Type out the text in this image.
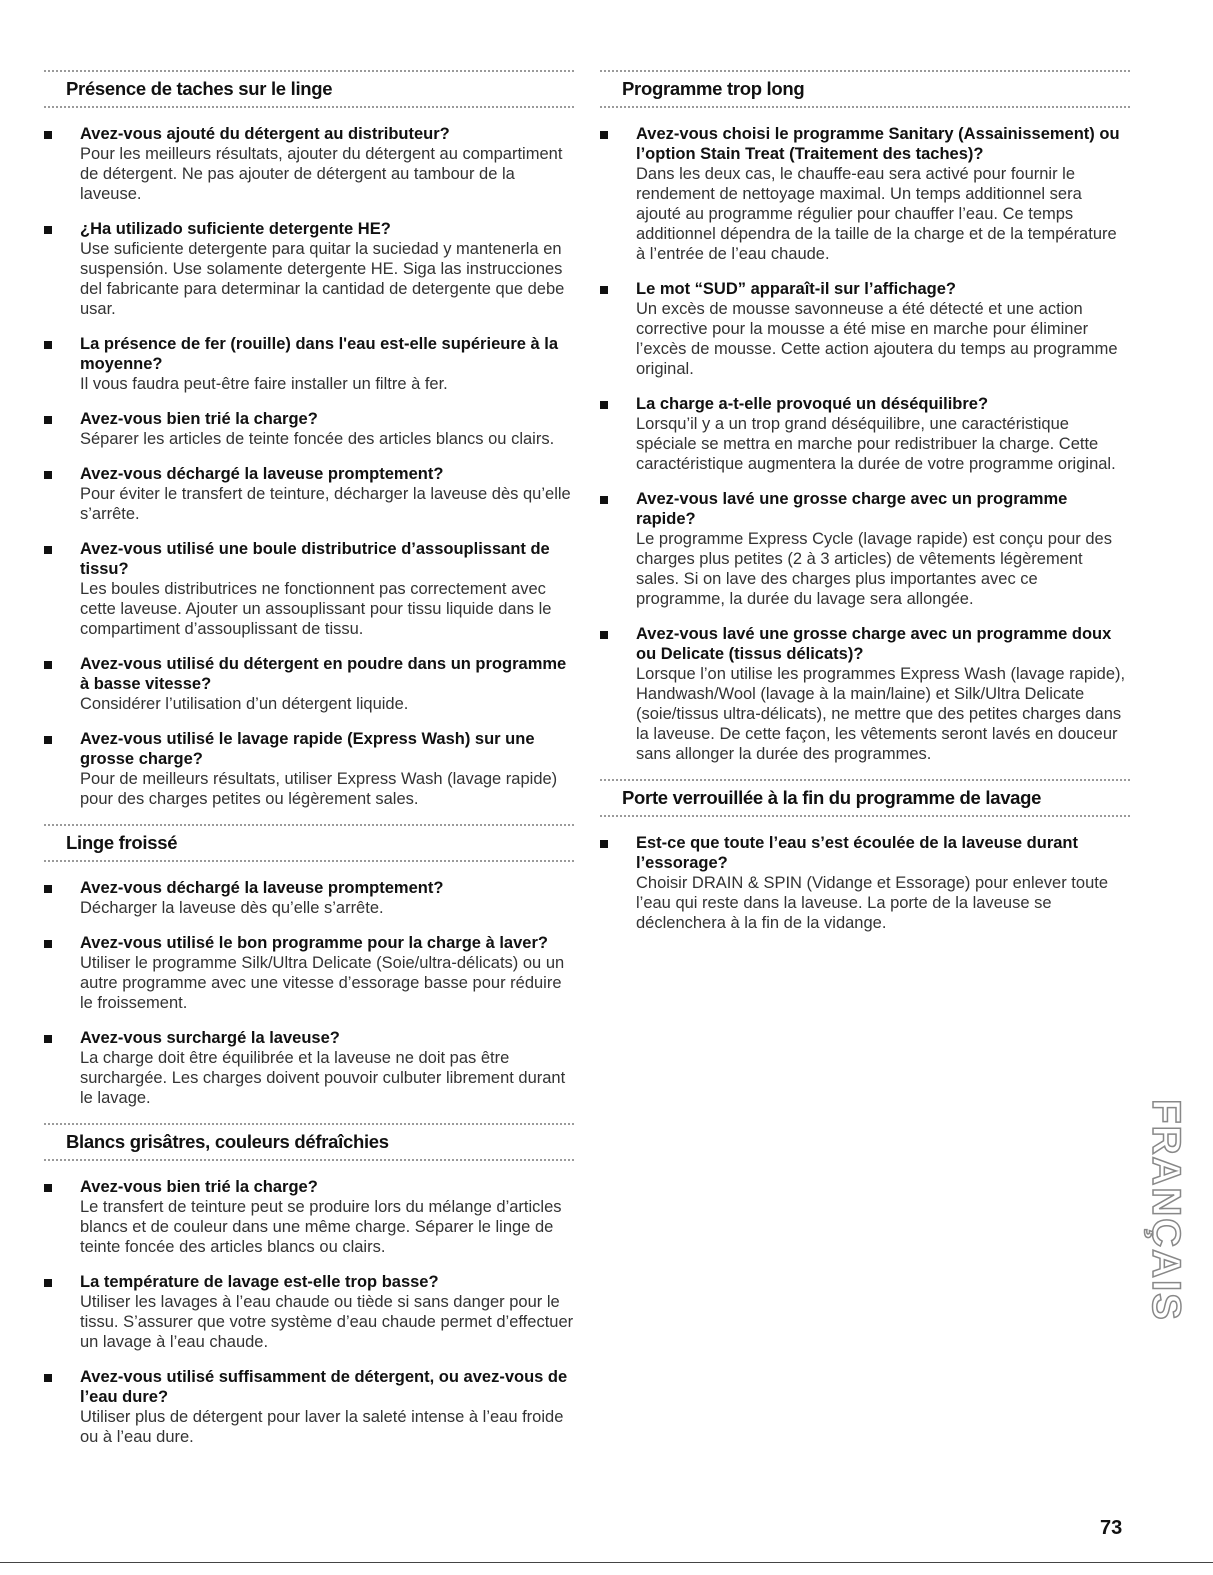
Présence de taches sur le linge
Avez-vous ajouté du détergent au distributeur?
Pour les meilleurs résultats, ajouter du détergent au compartiment de détergent. Ne pas ajouter de détergent au tambour de la laveuse.
¿Ha utilizado suficiente detergente HE?
Use suficiente detergente para quitar la suciedad y mantenerla en suspensión. Use solamente detergente HE. Siga las instrucciones del fabricante para determinar la cantidad de detergente que debe usar.
La présence de fer (rouille) dans l'eau est-elle supérieure à la moyenne?
Il vous faudra peut-être faire installer un filtre à fer.
Avez-vous bien trié la charge?
Séparer les articles de teinte foncée des articles blancs ou clairs.
Avez-vous déchargé la laveuse promptement?
Pour éviter le transfert de teinture, décharger la laveuse dès qu’elle s’arrête.
Avez-vous utilisé une boule distributrice d’assouplissant de tissu?
Les boules distributrices ne fonctionnent pas correctement avec cette laveuse. Ajouter un assouplissant pour tissu liquide dans le compartiment d’assouplissant de tissu.
Avez-vous utilisé du détergent en poudre dans un programme à basse vitesse?
Considérer l’utilisation d’un détergent liquide.
Avez-vous utilisé le lavage rapide (Express Wash) sur une grosse charge?
Pour de meilleurs résultats, utiliser Express Wash (lavage rapide) pour des charges petites ou légèrement sales.
Linge froissé
Avez-vous déchargé la laveuse promptement?
Décharger la laveuse dès qu’elle s’arrête.
Avez-vous utilisé le bon programme pour la charge à laver?
Utiliser le programme Silk/Ultra Delicate (Soie/ultra-délicats) ou un autre programme avec une vitesse d’essorage basse pour réduire le froissement.
Avez-vous surchargé la laveuse?
La charge doit être équilibrée et la laveuse ne doit pas être surchargée. Les charges doivent pouvoir culbuter librement durant le lavage.
Blancs grisâtres, couleurs défraîchies
Avez-vous bien trié la charge?
Le transfert de teinture peut se produire lors du mélange d’articles blancs et de couleur dans une même charge. Séparer le linge de teinte foncée des articles blancs ou clairs.
La température de lavage est-elle trop basse?
Utiliser les lavages à l’eau chaude ou tiède si sans danger pour le tissu. S’assurer que votre système d’eau chaude permet d’effectuer un lavage à l’eau chaude.
Avez-vous utilisé suffisamment de détergent, ou avez-vous de l’eau dure?
Utiliser plus de détergent pour laver la saleté intense à l’eau froide ou à l’eau dure.
Programme trop long
Avez-vous choisi le programme Sanitary (Assainissement) ou l’option Stain Treat (Traitement des taches)?
Dans les deux cas, le chauffe-eau sera activé pour fournir le rendement de nettoyage maximal. Un temps additionnel sera ajouté au programme régulier pour chauffer l’eau. Ce temps additionnel dépendra de la taille de la charge et de la température à l’entrée de l’eau chaude.
Le mot “SUD” apparaît-il sur l’affichage?
Un excès de mousse savonneuse a été détecté et une action corrective pour la mousse a été mise en marche pour éliminer l’excès de mousse. Cette action ajoutera du temps au programme original.
La charge a-t-elle provoqué un déséquilibre?
Lorsqu’il y a un trop grand déséquilibre, une caractéristique spéciale se mettra en marche pour redistribuer la charge. Cette caractéristique augmentera la durée de votre programme original.
Avez-vous lavé une grosse charge avec un programme rapide?
Le programme Express Cycle (lavage rapide) est conçu pour des charges plus petites (2 à 3 articles) de vêtements légèrement sales. Si on lave des charges plus importantes avec ce programme, la durée du lavage sera allongée.
Avez-vous lavé une grosse charge avec un programme doux ou Delicate (tissus délicats)?
Lorsque l’on utilise les programmes Express Wash (lavage rapide), Handwash/Wool (lavage à la main/laine) et Silk/Ultra Delicate (soie/tissus ultra-délicats), ne mettre que des petites charges dans la laveuse. De cette façon, les vêtements seront lavés en douceur sans allonger la durée des programmes.
Porte verrouillée à la fin du programme de lavage
Est-ce que toute l’eau s’est écoulée de la laveuse durant l’essorage?
Choisir DRAIN & SPIN (Vidange et Essorage) pour enlever toute l’eau qui reste dans la laveuse. La porte de la laveuse se déclenchera à la fin de la vidange.
FRANÇAIS
73
